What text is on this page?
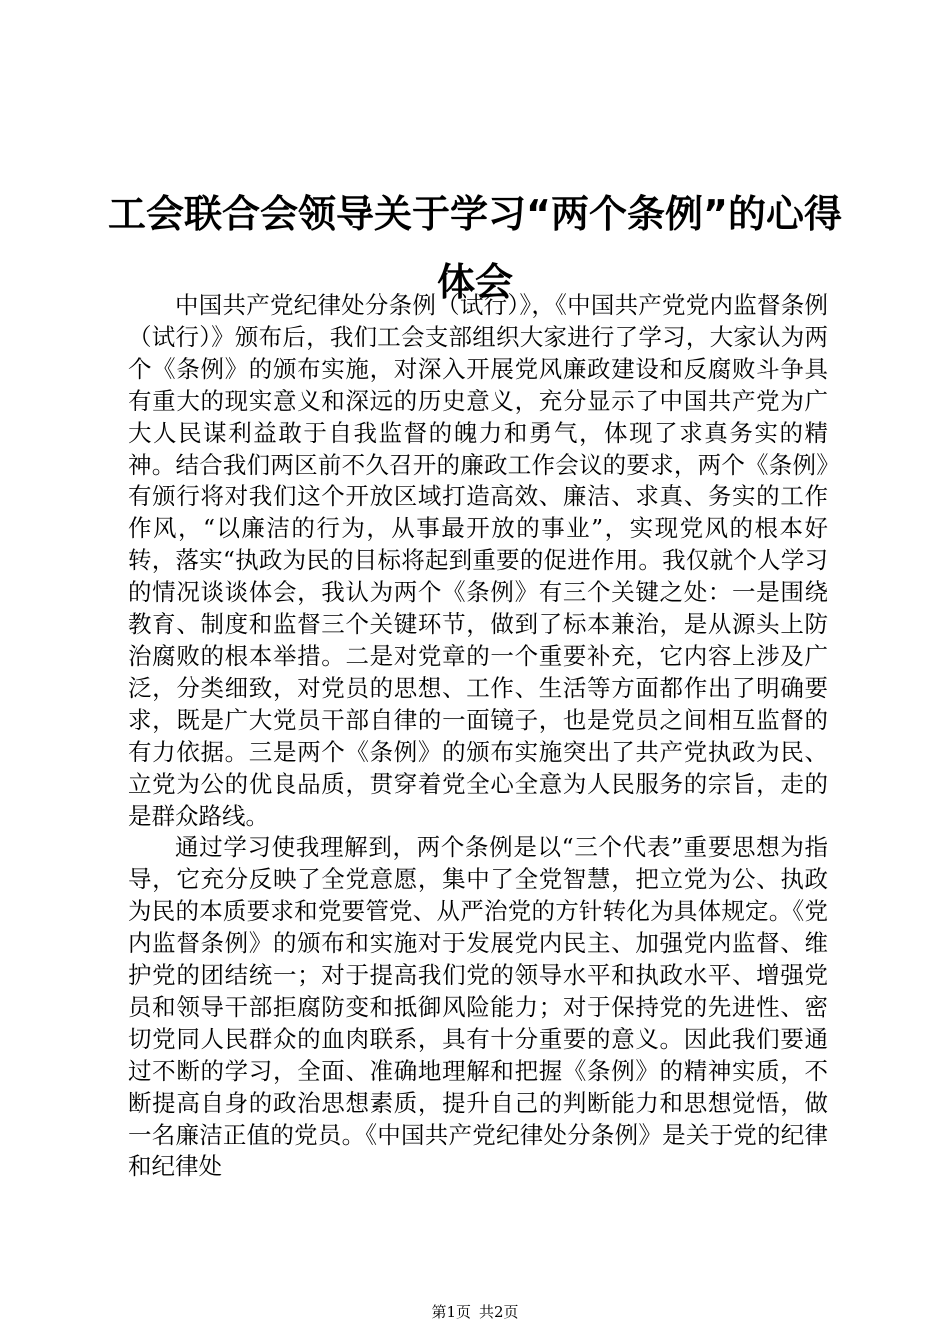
工会联合会领导关于学习“两个条例”的心得体会

中国共产党纪律处分条例（试行）》，《中国共产党党内监督条例（试行）》颁布后，我们工会支部组织大家进行了学习，大家认为两个《条例》的颁布实施，对深入开展党风廉政建设和反腐败斗争具有重大的现实意义和深远的历史意义，充分显示了中国共产党为广大人民谋利益敢于自我监督的魄力和勇气，体现了求真务实的精神。结合我们两区前不久召开的廉政工作会议的要求，两个《条例》有颁行将对我们这个开放区域打造高效、廉洁、求真、务实的工作作风，“以廉洁的行为，从事最开放的事业”，实现党风的根本好转，落实“执政为民的目标将起到重要的促进作用。我仅就个人学习的情况谈谈体会，我认为两个《条例》有三个关键之处：一是围绕教育、制度和监督三个关键环节，做到了标本兼治，是从源头上防治腐败的根本举措。二是对党章的一个重要补充，它内容上涉及广泛，分类细致，对党员的思想、工作、生活等方面都作出了明确要求，既是广大党员干部自律的一面镜子，也是党员之间相互监督的有力依据。三是两个《条例》的颁布实施突出了共产党执政为民、立党为公的优良品质，贯穿着党全心全意为人民服务的宗旨，走的是群众路线。

通过学习使我理解到，两个条例是以“三个代表”重要思想为指导，它充分反映了全党意愿，集中了全党智慧，把立党为公、执政为民的本质要求和党要管党、从严治党的方针转化为具体规定。《党内监督条例》的颁布和实施对于发展党内民主、加强党内监督、维护党的团结统一；对于提高我们党的领导水平和执政水平、增强党员和领导干部拒腐防变和抵御风险能力；对于保持党的先进性、密切党同人民群众的血肉联系，具有十分重要的意义。因此我们要通过不断的学习，全面、准确地理解和把握《条例》的精神实质，不断提高自身的政治思想素质，提升自己的判断能力和思想觉悟，做一名廉洁正值的党员。《中国共产党纪律处分条例》是关于党的纪律和纪律处

第1页 共2页
